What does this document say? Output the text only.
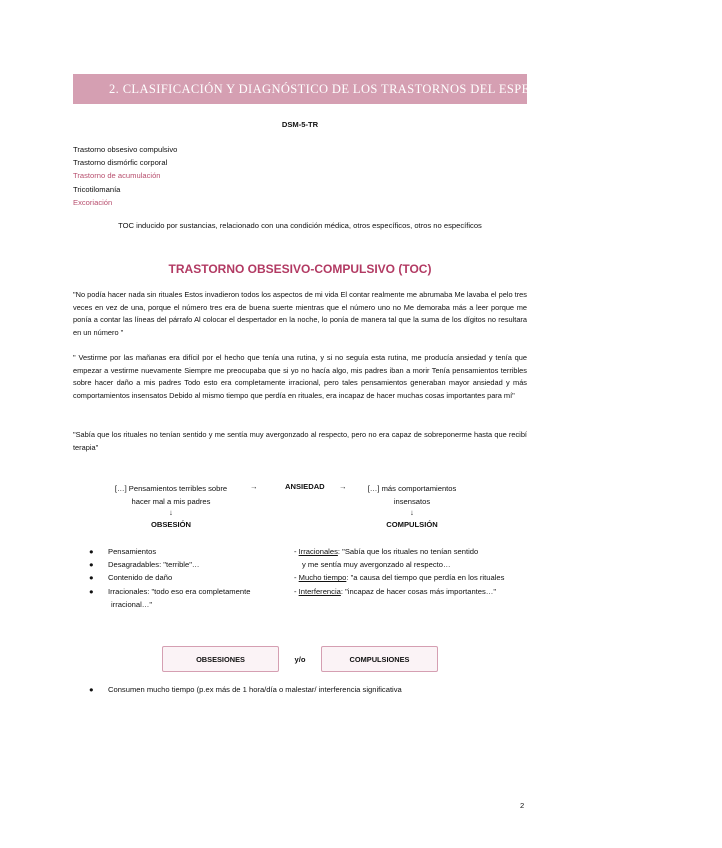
2. CLASIFICACIÓN Y DIAGNÓSTICO DE LOS TRASTORNOS DEL ESPECTRO OBSESIVO-COMPULSIVO
DSM-5-TR
Trastorno obsesivo compulsivo
Trastorno dismórfic corporal
Trastorno de acumulación
Tricotilomanía
Excoriación
TOC inducido por sustancias, relacionado con una condición médica, otros específicos, otros no específicos
TRASTORNO OBSESIVO-COMPULSIVO (TOC)
"No podía hacer nada sin rituales Estos invadieron todos los aspectos de mi vida El contar realmente me abrumaba Me lavaba el pelo tres veces en vez de una, porque el número tres era de buena suerte mientras que el número uno no Me demoraba más a leer porque me ponía a contar las líneas del párrafo Al colocar el despertador en la noche, lo ponía de manera tal que la suma de los dígitos no resultara en un número "
" Vestirme por las mañanas era difícil por el hecho que tenía una rutina, y si no seguía esta rutina, me producía ansiedad y tenía que empezar a vestirme nuevamente Siempre me preocupaba que si yo no hacía algo, mis padres iban a morir Tenía pensamientos terribles sobre hacer daño a mis padres Todo esto era completamente irracional, pero tales pensamientos generaban mayor ansiedad y más comportamientos insensatos Debido al mismo tiempo que perdía en rituales, era incapaz de hacer muchas cosas importantes para mí"
"Sabía que los rituales no tenían sentido y me sentía muy avergonzado al respecto, pero no era capaz de sobreponerme hasta que recibí terapia"
[…] Pensamientos terribles sobre
hacer mal a mis padres
→	ANSIEDAD →	[…] más comportamientos
insensatos
↓	↓
OBSESIÓN	COMPULSIÓN
● Pensamientos
● Desagradables: "terrible"…
● Contenido de daño
● Irracionales: "todo eso era completamente
irracional…"
- Irracionales: "Sabía que los rituales no tenían sentido
y me sentía muy avergonzado al respecto…
- Mucho tiempo: "a causa del tiempo que perdía en los rituales
- Interferencia: "incapaz de hacer cosas más importantes…"
OBSESIONES	y/o	COMPULSIONES
● Consumen mucho tiempo (p.ex más de 1 hora/día o malestar/ interferencia significativa
2
